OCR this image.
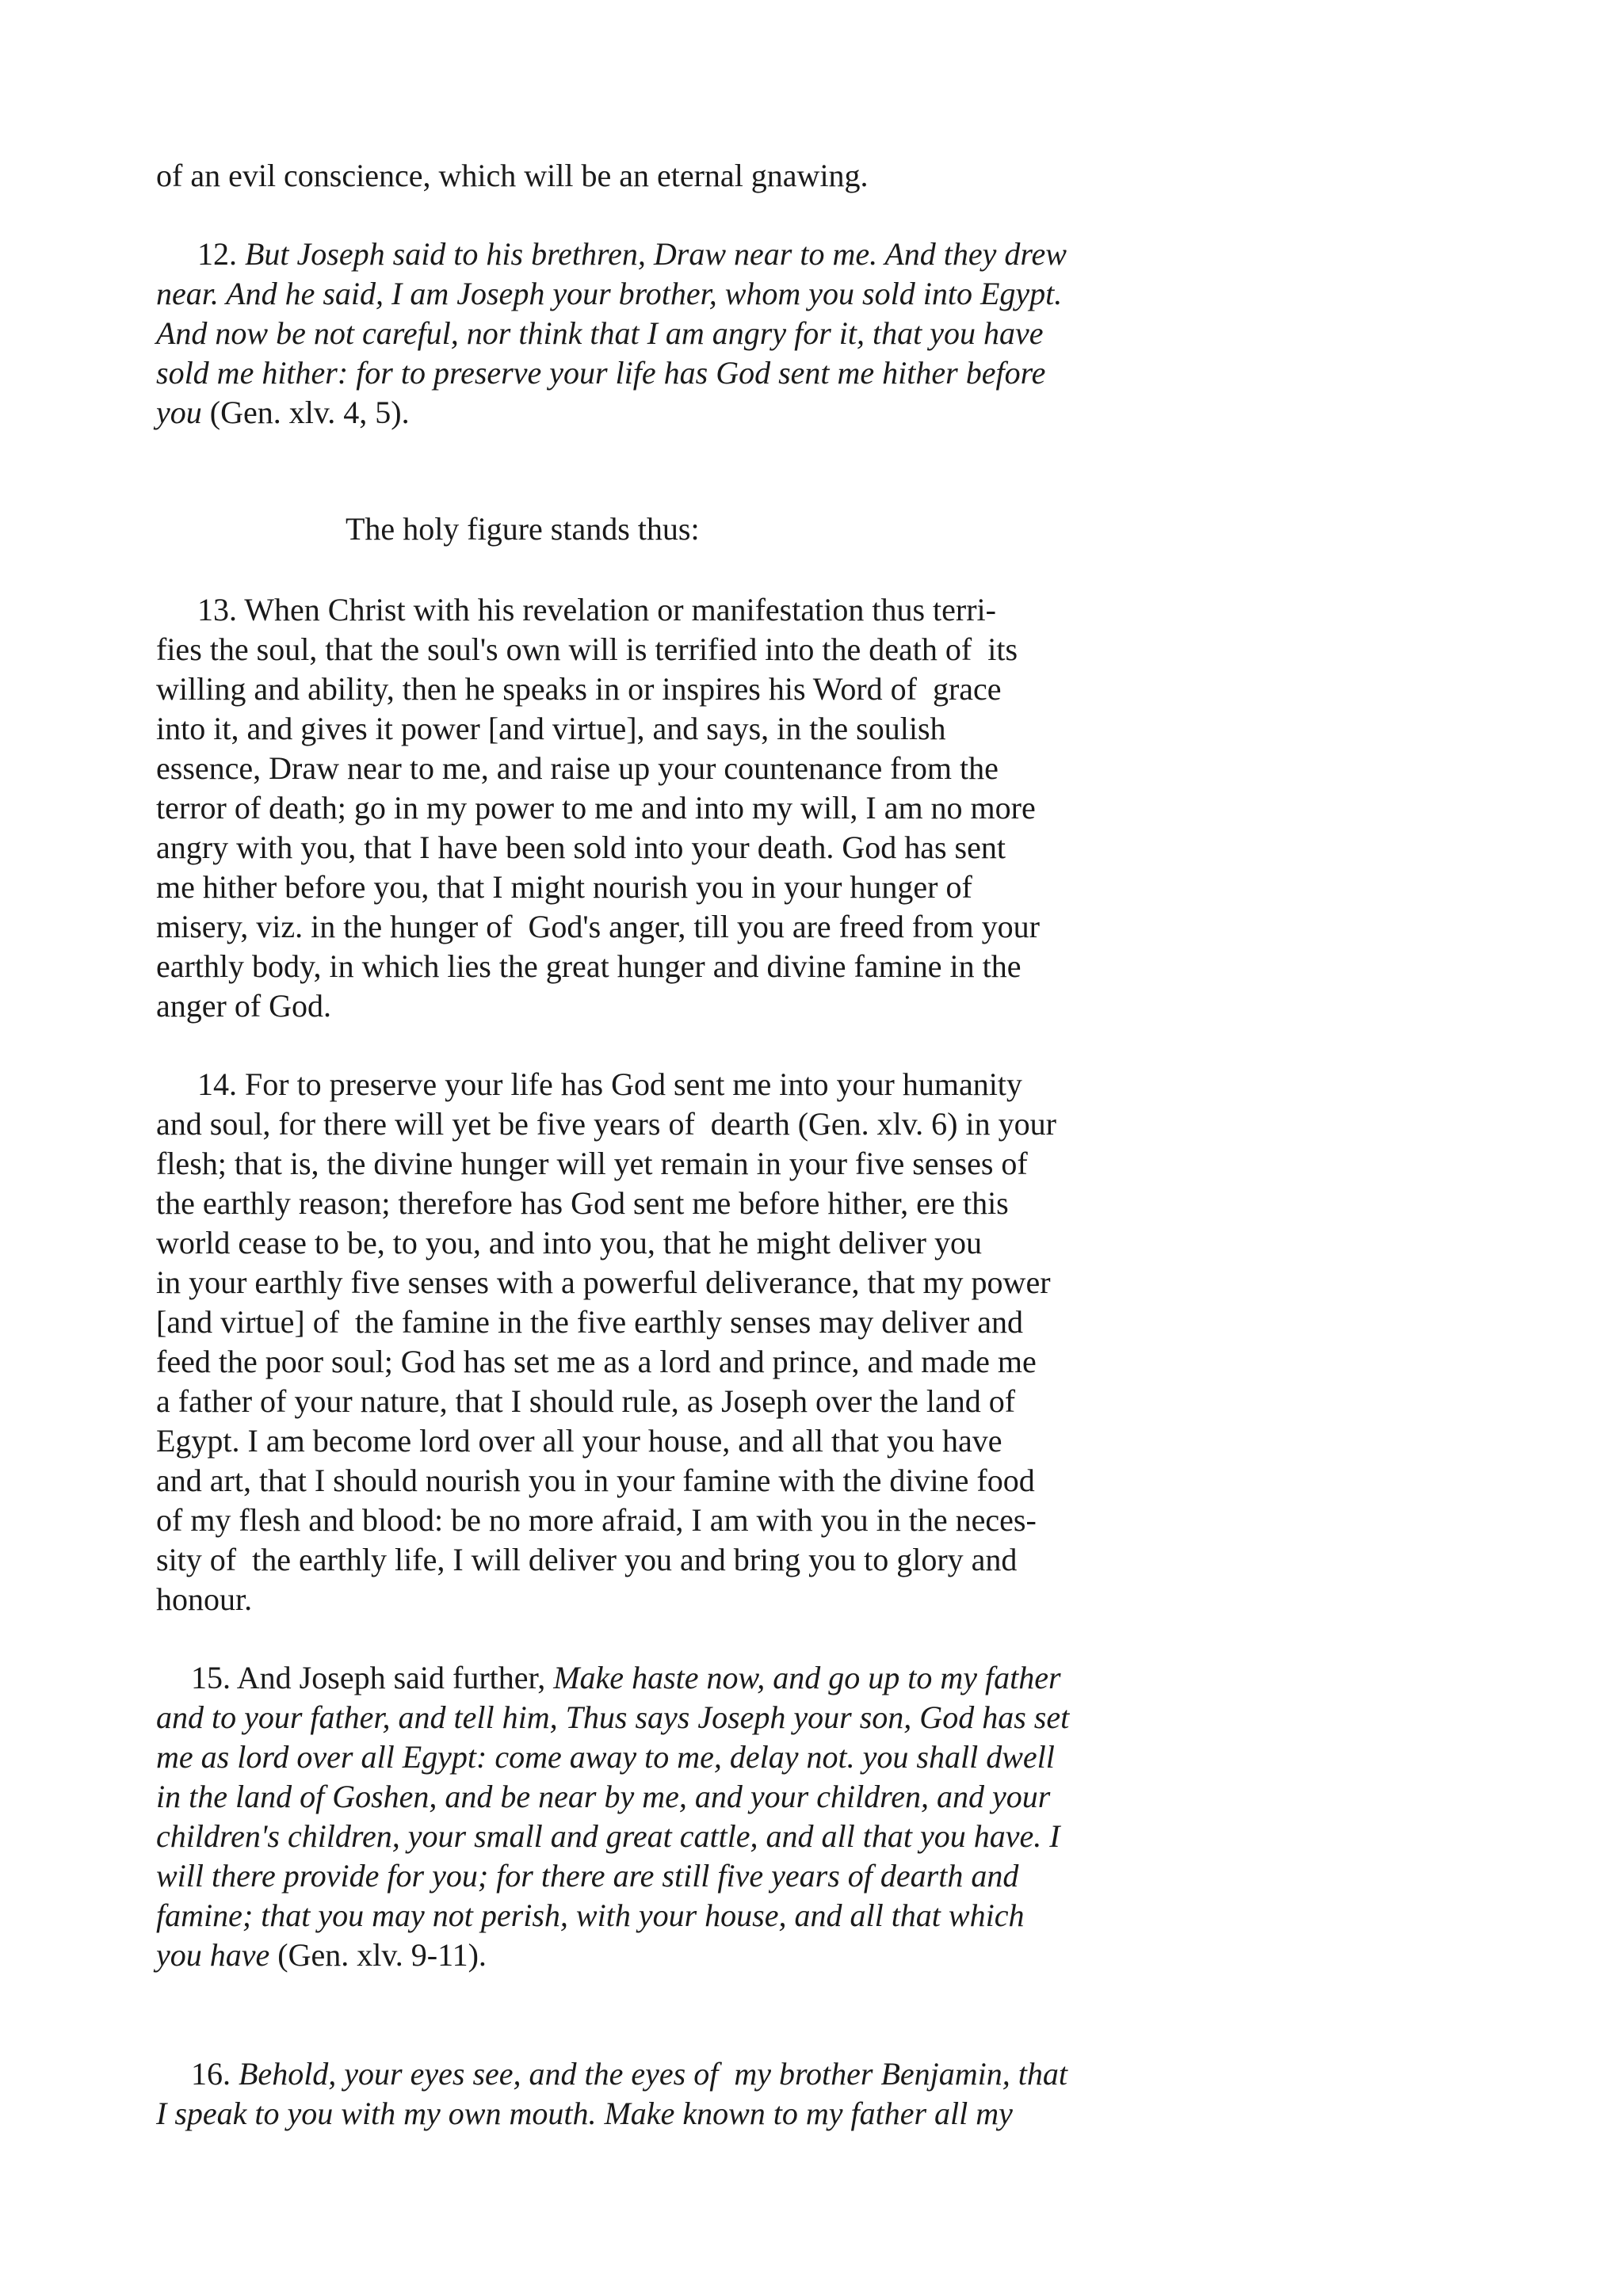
of an evil conscience, which will be an eternal gnawing.

12. But Joseph said to his brethren, Draw near to me. And they drew
near. And he said, I am Joseph your brother, whom you sold into Egypt.
And now be not careful, nor think that I am angry for it, that you have
sold me hither: for to preserve your life has God sent me hither before
you (Gen. xlv. 4, 5).

The holy figure stands thus:

13. When Christ with his revelation or manifestation thus terri-
fies the soul, that the soul's own will is terrified into the death of  its
willing and ability, then he speaks in or inspires his Word of  grace
into it, and gives it power [and virtue], and says, in the soulish
essence, Draw near to me, and raise up your countenance from the
terror of death; go in my power to me and into my will, I am no more
angry with you, that I have been sold into your death. God has sent
me hither before you, that I might nourish you in your hunger of
misery, viz. in the hunger of  God's anger, till you are freed from your
earthly body, in which lies the great hunger and divine famine in the
anger of God.

14. For to preserve your life has God sent me into your humanity
and soul, for there will yet be five years of  dearth (Gen. xlv. 6) in your
flesh; that is, the divine hunger will yet remain in your five senses of
the earthly reason; therefore has God sent me before hither, ere this
world cease to be, to you, and into you, that he might deliver you
in your earthly five senses with a powerful deliverance, that my power
[and virtue] of  the famine in the five earthly senses may deliver and
feed the poor soul; God has set me as a lord and prince, and made me
a father of your nature, that I should rule, as Joseph over the land of
Egypt. I am become lord over all your house, and all that you have
and art, that I should nourish you in your famine with the divine food
of my flesh and blood: be no more afraid, I am with you in the neces-
sity of  the earthly life, I will deliver you and bring you to glory and
honour.

15. And Joseph said further, Make haste now, and go up to my father
and to your father, and tell him, Thus says Joseph your son, God has set
me as lord over all Egypt: come away to me, delay not. you shall dwell
in the land of Goshen, and be near by me, and your children, and your
children's children, your small and great cattle, and all that you have. I
will there provide for you; for there are still five years of dearth and
famine; that you may not perish, with your house, and all that which
you have (Gen. xlv. 9-11).

16. Behold, your eyes see, and the eyes of  my brother Benjamin, that
I speak to you with my own mouth. Make known to my father all my
